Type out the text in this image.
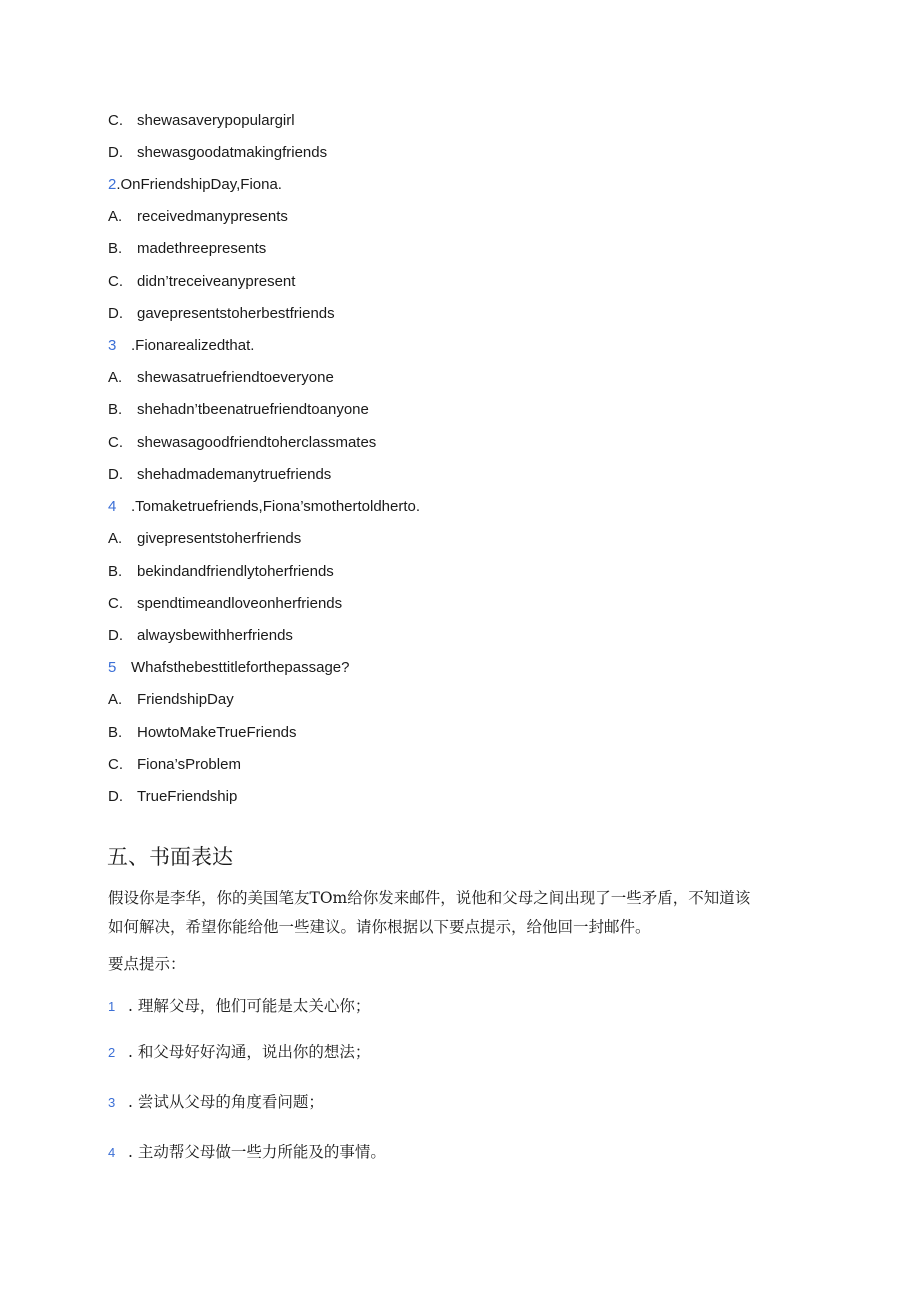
C. shewasaverypopulargirl
D. shewasgoodatmakingfriends
2.OnFriendshipDay,Fiona.
A. receivedmanypresents
B. madethreepresents
C. didn’treceiveanypresent
D. gavepresentstoherbestfriends
3 .Fionarealizedthat.
A. shewasatruefriendtoeveryone
B. shehadn’tbeenatruefriendtoanyone
C. shewasagoodfriendtoherclassmates
D. shehadmademanytruefriends
4 .Tomaketruefriends,Fiona’smothertoldherto.
A. givepresentstoherfriends
B. bekindandfriendlytoherfriends
C. spendtimeandloveonherfriends
D. alwaysbewithherfriends
5 Whafsthebesttitleforthepassage?
A. FriendshipDay
B. HowtoMakeTrueFriends
C. Fiona’sProblem
D. TrueFriendship
五、书面表达
假设你是李华，你的美国笔友TOm给你发来邮件，说他和父母之间出现了一些矛盾，不知道该
如何解决，希望你能给他一些建议。请你根据以下要点提示，给他回一封邮件。
要点提示：
1 . 理解父母，他们可能是太关心你；
2 . 和父母好好沟通，说出你的想法；
3 . 尝试从父母的角度看问题；
4 . 主动帮父母做一些力所能及的事情。
